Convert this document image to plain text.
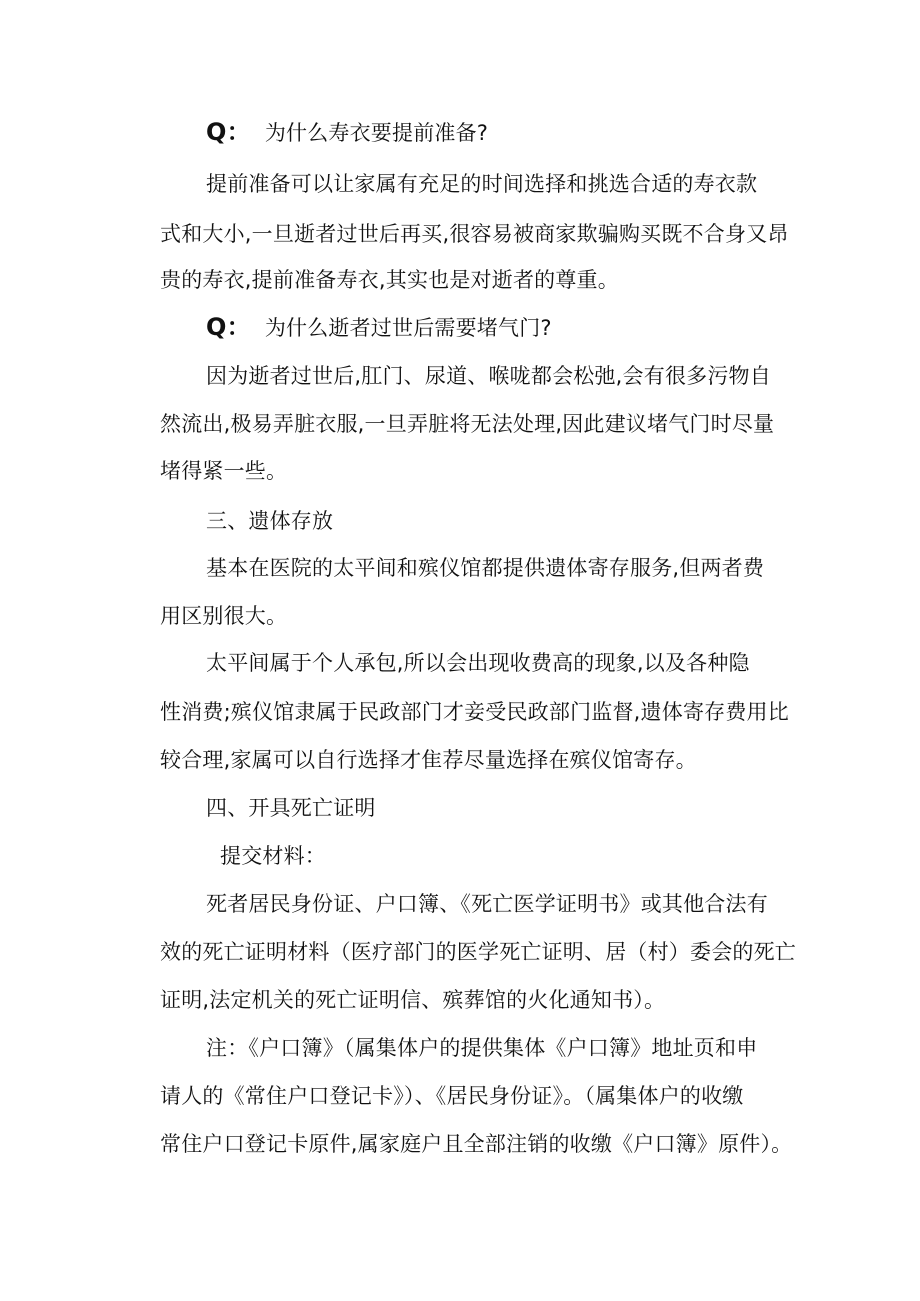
Q： 为什么寿衣要提前准备?
提前准备可以让家属有充足的时间选择和挑选合适的寿衣款
式和大小,一旦逝者过世后再买,很容易被商家欺骗购买既不合身又昂
贵的寿衣,提前准备寿衣,其实也是对逝者的尊重。
Q： 为什么逝者过世后需要堵气门?
因为逝者过世后,肛门、尿道、喉咙都会松弛,会有很多污物自
然流出,极易弄脏衣服,一旦弄脏将无法处理,因此建议堵气门时尽量
堵得紧一些。
三、遗体存放
基本在医院的太平间和殡仪馆都提供遗体寄存服务,但两者费
用区别很大。
太平间属于个人承包,所以会出现收费高的现象,以及各种隐
性消费;殡仪馆隶属于民政部门才妾受民政部门监督,遗体寄存费用比
较合理,家属可以自行选择才隹荐尽量选择在殡仪馆寄存。
四、开具死亡证明
提交材料：
死者居民身份证、户口簿、《死亡医学证明书》或其他合法有
效的死亡证明材料（医疗部门的医学死亡证明、居（村）委会的死亡
证明,法定机关的死亡证明信、殡葬馆的火化通知书）。
注：《户口簿》（属集体户的提供集体《户口簿》地址页和申
请人的《常住户口登记卡》）、《居民身份证》。（属集体户的收缴
常住户口登记卡原件,属家庭户且全部注销的收缴《户口簿》原件）。
